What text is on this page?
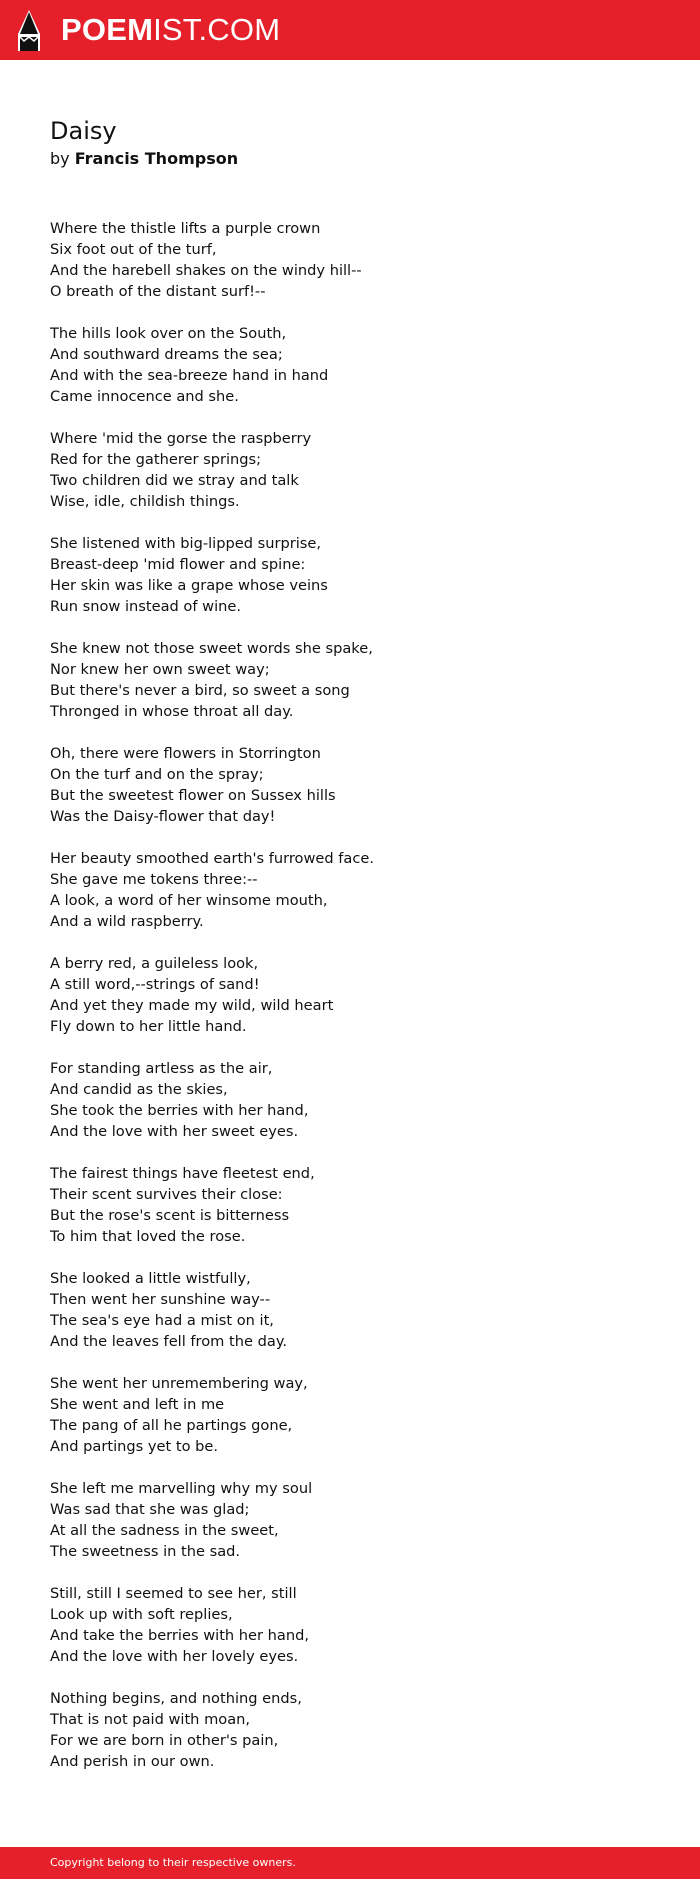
POEMIST.COM
Daisy
by Francis Thompson
Where the thistle lifts a purple crown
Six foot out of the turf,
And the harebell shakes on the windy hill--
O breath of the distant surf!--
The hills look over on the South,
And southward dreams the sea;
And with the sea-breeze hand in hand
Came innocence and she.
Where 'mid the gorse the raspberry
Red for the gatherer springs;
Two children did we stray and talk
Wise, idle, childish things.
She listened with big-lipped surprise,
Breast-deep 'mid flower and spine:
Her skin was like a grape whose veins
Run snow instead of wine.
She knew not those sweet words she spake,
Nor knew her own sweet way;
But there's never a bird, so sweet a song
Thronged in whose throat all day.
Oh, there were flowers in Storrington
On the turf and on the spray;
But the sweetest flower on Sussex hills
Was the Daisy-flower that day!
Her beauty smoothed earth's furrowed face.
She gave me tokens three:--
A look, a word of her winsome mouth,
And a wild raspberry.
A berry red, a guileless look,
A still word,--strings of sand!
And yet they made my wild, wild heart
Fly down to her little hand.
For standing artless as the air,
And candid as the skies,
She took the berries with her hand,
And the love with her sweet eyes.
The fairest things have fleetest end,
Their scent survives their close:
But the rose's scent is bitterness
To him that loved the rose.
She looked a little wistfully,
Then went her sunshine way--
The sea's eye had a mist on it,
And the leaves fell from the day.
She went her unremembering way,
She went and left in me
The pang of all he partings gone,
And partings yet to be.
She left me marvelling why my soul
Was sad that she was glad;
At all the sadness in the sweet,
The sweetness in the sad.
Still, still I seemed to see her, still
Look up with soft replies,
And take the berries with her hand,
And the love with her lovely eyes.
Nothing begins, and nothing ends,
That is not paid with moan,
For we are born in other's pain,
And perish in our own.
Copyright belong to their respective owners.
